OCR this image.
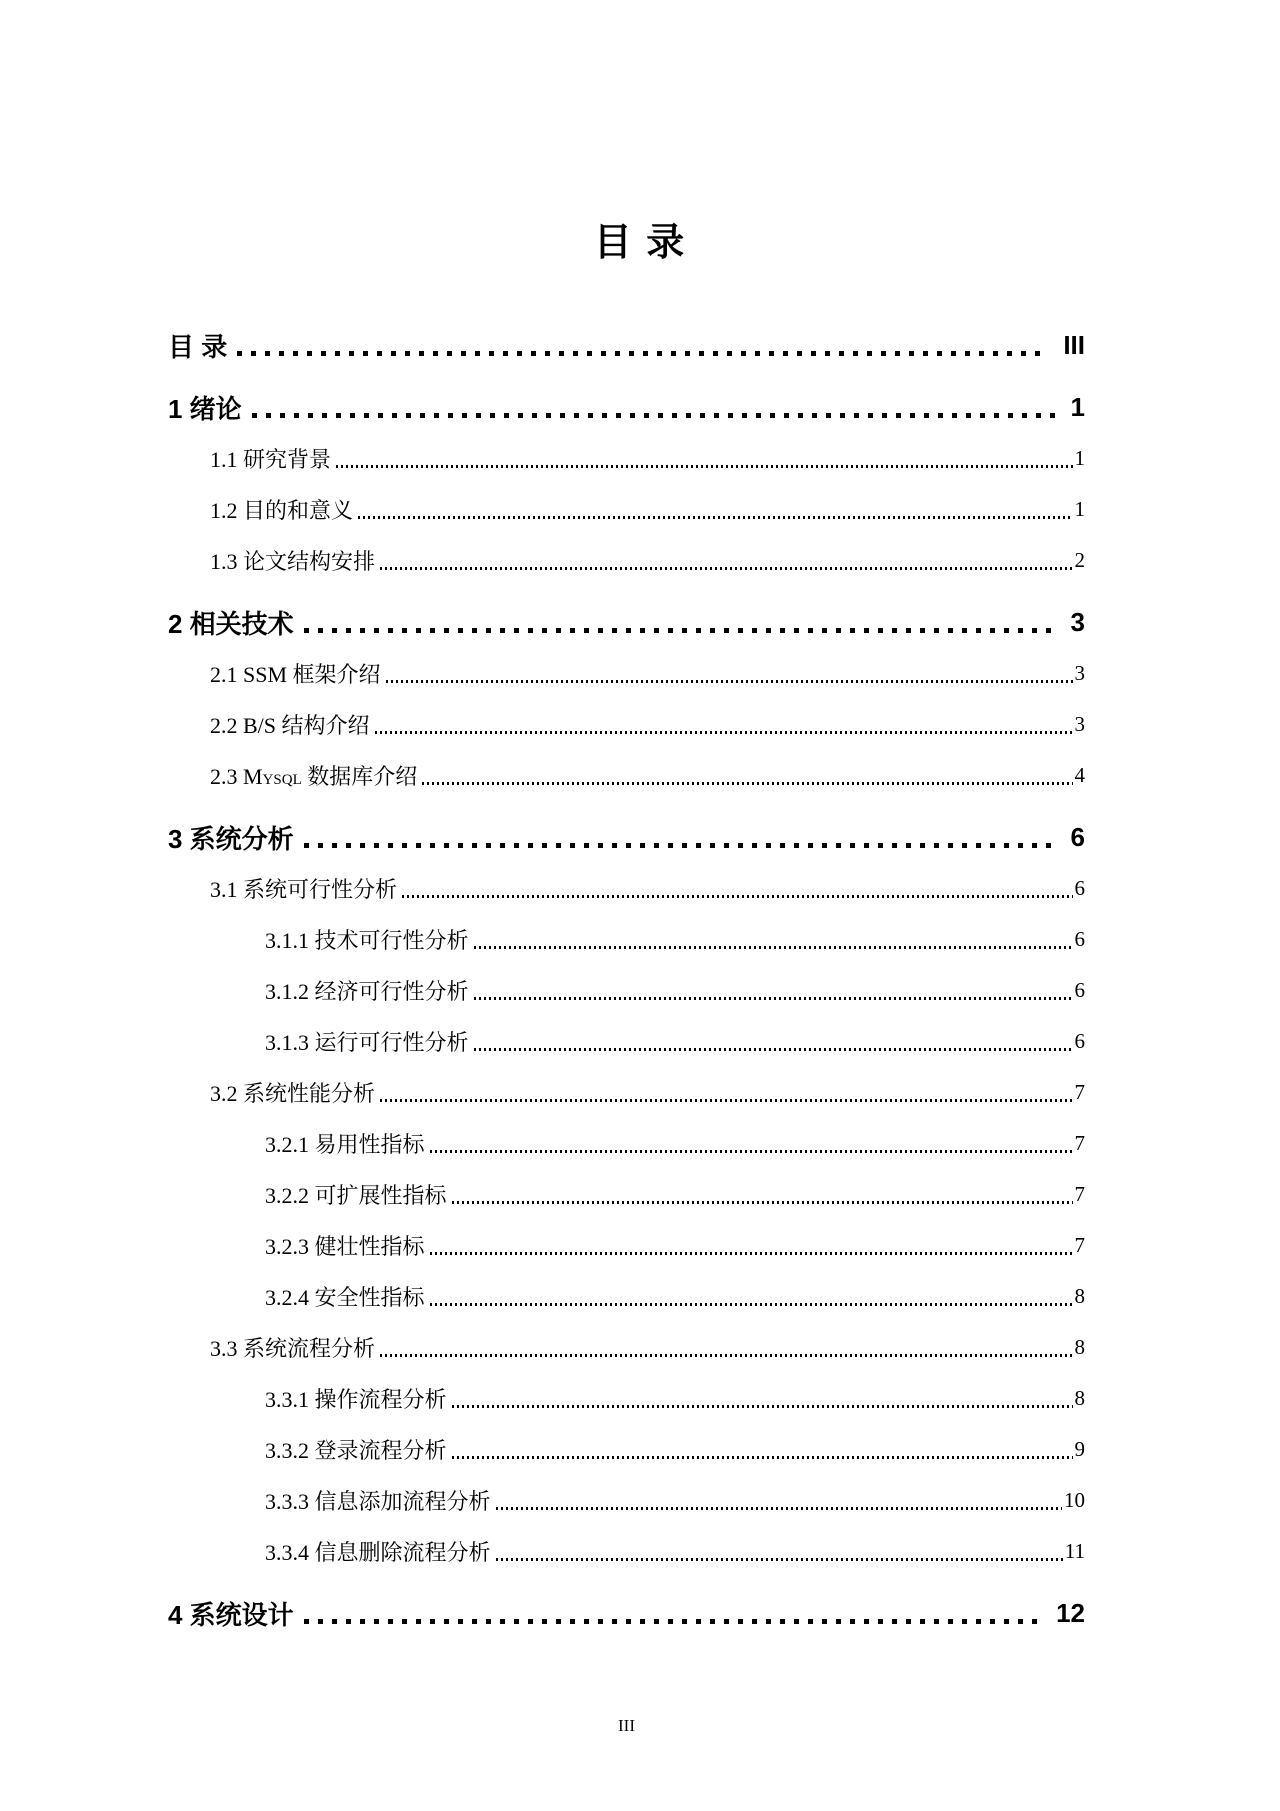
目 录
目 录	III
1 绪论	1
1.1 研究背景	1
1.2 目的和意义	1
1.3 论文结构安排	2
2 相关技术	3
2.1 SSM 框架介绍	3
2.2 B/S 结构介绍	3
2.3 Mysql 数据库介绍	4
3 系统分析	6
3.1 系统可行性分析	6
3.1.1 技术可行性分析	6
3.1.2 经济可行性分析	6
3.1.3 运行可行性分析	6
3.2 系统性能分析	7
3.2.1 易用性指标	7
3.2.2 可扩展性指标	7
3.2.3 健壮性指标	7
3.2.4 安全性指标	8
3.3 系统流程分析	8
3.3.1 操作流程分析	8
3.3.2 登录流程分析	9
3.3.3 信息添加流程分析	10
3.3.4 信息删除流程分析	11
4 系统设计	12
III
